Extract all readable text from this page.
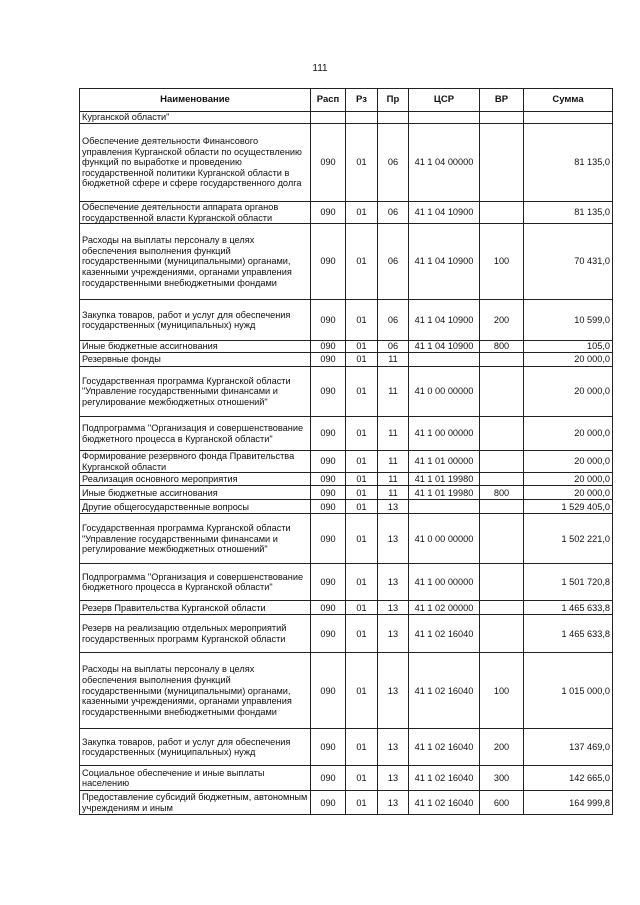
111
Наименование	Расп	Рз	Пр	ЦСР	ВР	Сумма
Курганской области"						
Обеспечение деятельности Финансового управления Курганской области по осуществлению функций по выработке и проведению государственной политики Курганской области в бюджетной сфере и сфере государственного долга	090	01	06	41 1 04 00000		81 135,0
Обеспечение деятельности аппарата органов государственной власти Курганской области	090	01	06	41 1 04 10900		81 135,0
Расходы на выплаты персоналу в целях обеспечения выполнения функций государственными (муниципальными) органами, казенными учреждениями, органами управления государственными внебюджетными фондами	090	01	06	41 1 04 10900	100	70 431,0
Закупка товаров, работ и услуг для обеспечения государственных (муниципальных) нужд	090	01	06	41 1 04 10900	200	10 599,0
Иные бюджетные ассигнования	090	01	06	41 1 04 10900	800	105,0
Резервные фонды	090	01	11			20 000,0
Государственная программа Курганской области "Управление государственными финансами и регулирование межбюджетных отношений"	090	01	11	41 0 00 00000		20 000,0
Подпрограмма "Организация и совершенствование бюджетного процесса в Курганской области"	090	01	11	41 1 00 00000		20 000,0
Формирование резервного фонда Правительства Курганской области	090	01	11	41 1 01 00000		20 000,0
Реализация основного мероприятия	090	01	11	41 1 01 19980		20 000,0
Иные бюджетные ассигнования	090	01	11	41 1 01 19980	800	20 000,0
Другие общегосударственные вопросы	090	01	13			1 529 405,0
Государственная программа Курганской области "Управление государственными финансами и регулирование межбюджетных отношений"	090	01	13	41 0 00 00000		1 502 221,0
Подпрограмма "Организация и совершенствование бюджетного процесса в Курганской области"	090	01	13	41 1 00 00000		1 501 720,8
Резерв Правительства Курганской области	090	01	13	41 1 02 00000		1 465 633,8
Резерв на реализацию отдельных мероприятий государственных программ Курганской области	090	01	13	41 1 02 16040		1 465 633,8
Расходы на выплаты персоналу в целях обеспечения выполнения функций государственными (муниципальными) органами, казенными учреждениями, органами управления государственными внебюджетными фондами	090	01	13	41 1 02 16040	100	1 015 000,0
Закупка товаров, работ и услуг для обеспечения государственных (муниципальных) нужд	090	01	13	41 1 02 16040	200	137 469,0
Социальное обеспечение и иные выплаты населению	090	01	13	41 1 02 16040	300	142 665,0
Предоставление субсидий бюджетным, автономным учреждениям и иным	090	01	13	41 1 02 16040	600	164 999,8
